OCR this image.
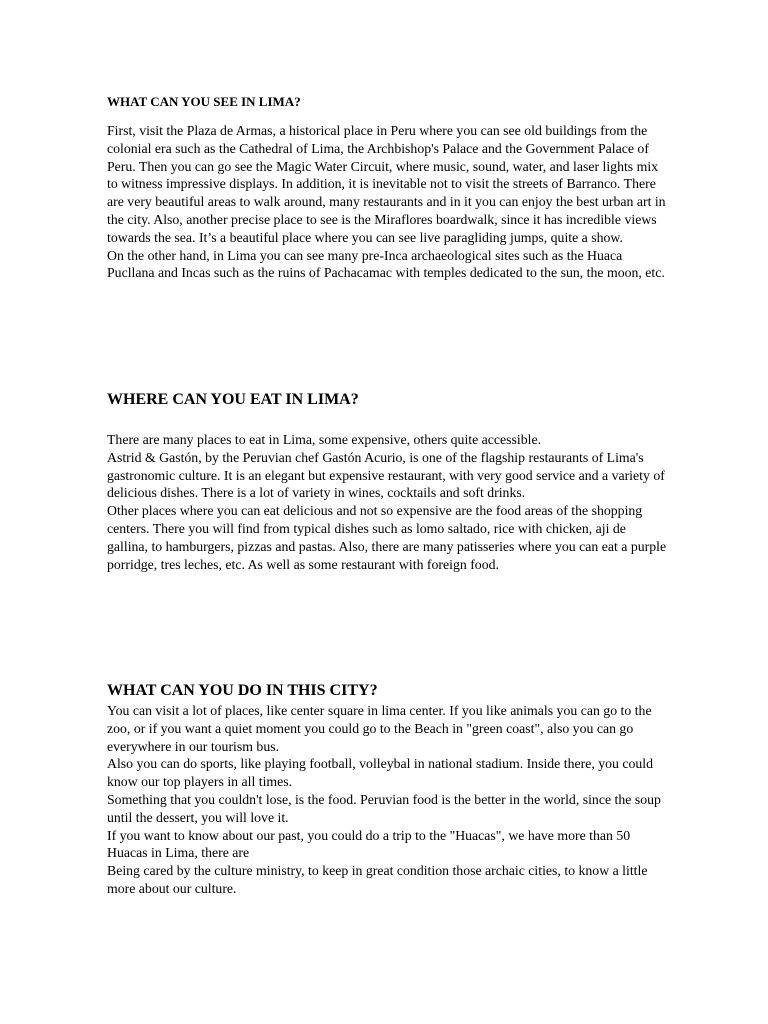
WHAT CAN YOU SEE IN LIMA?

First, visit the Plaza de Armas, a historical place in Peru where you can see old buildings from the colonial era such as the Cathedral of Lima, the Archbishop's Palace and the Government Palace of Peru. Then you can go see the Magic Water Circuit, where music, sound, water, and laser lights mix to witness impressive displays. In addition, it is inevitable not to visit the streets of Barranco. There are very beautiful areas to walk around, many restaurants and in it you can enjoy the best urban art in the city. Also, another precise place to see is the Miraflores boardwalk, since it has incredible views towards the sea. It’s a beautiful place where you can see live paragliding jumps, quite a show.

On the other hand, in Lima you can see many pre-Inca archaeological sites such as the Huaca Pucllana and Incas such as the ruins of Pachacamac with temples dedicated to the sun, the moon, etc.

WHERE CAN YOU EAT IN LIMA?

There are many places to eat in Lima, some expensive, others quite accessible.

Astrid & Gastón, by the Peruvian chef Gastón Acurio, is one of the flagship restaurants of Lima's gastronomic culture. It is an elegant but expensive restaurant, with very good service and a variety of delicious dishes. There is a lot of variety in wines, cocktails and soft drinks.

Other places where you can eat delicious and not so expensive are the food areas of the shopping centers. There you will find from typical dishes such as lomo saltado, rice with chicken, aji de gallina, to hamburgers, pizzas and pastas. Also, there are many patisseries where you can eat a purple porridge, tres leches, etc. As well as some restaurant with foreign food.

WHAT CAN YOU DO IN THIS CITY?

You can visit a lot of places, like center square in lima center. If you like animals you can go to the zoo, or if you want a quiet moment you could go to the Beach in "green coast", also you can go everywhere in our tourism bus.

Also you can do sports, like playing football, volleybal in national stadium. Inside there, you could know our top players in all times.

Something that you couldn't lose, is the food. Peruvian food is the better in the world, since the soup until the dessert, you will love it.

If you want to know about our past, you could do a trip to the "Huacas", we have more than 50 Huacas in Lima, there are

Being cared by the culture ministry, to keep in great condition those archaic cities, to know a little more about our culture.
